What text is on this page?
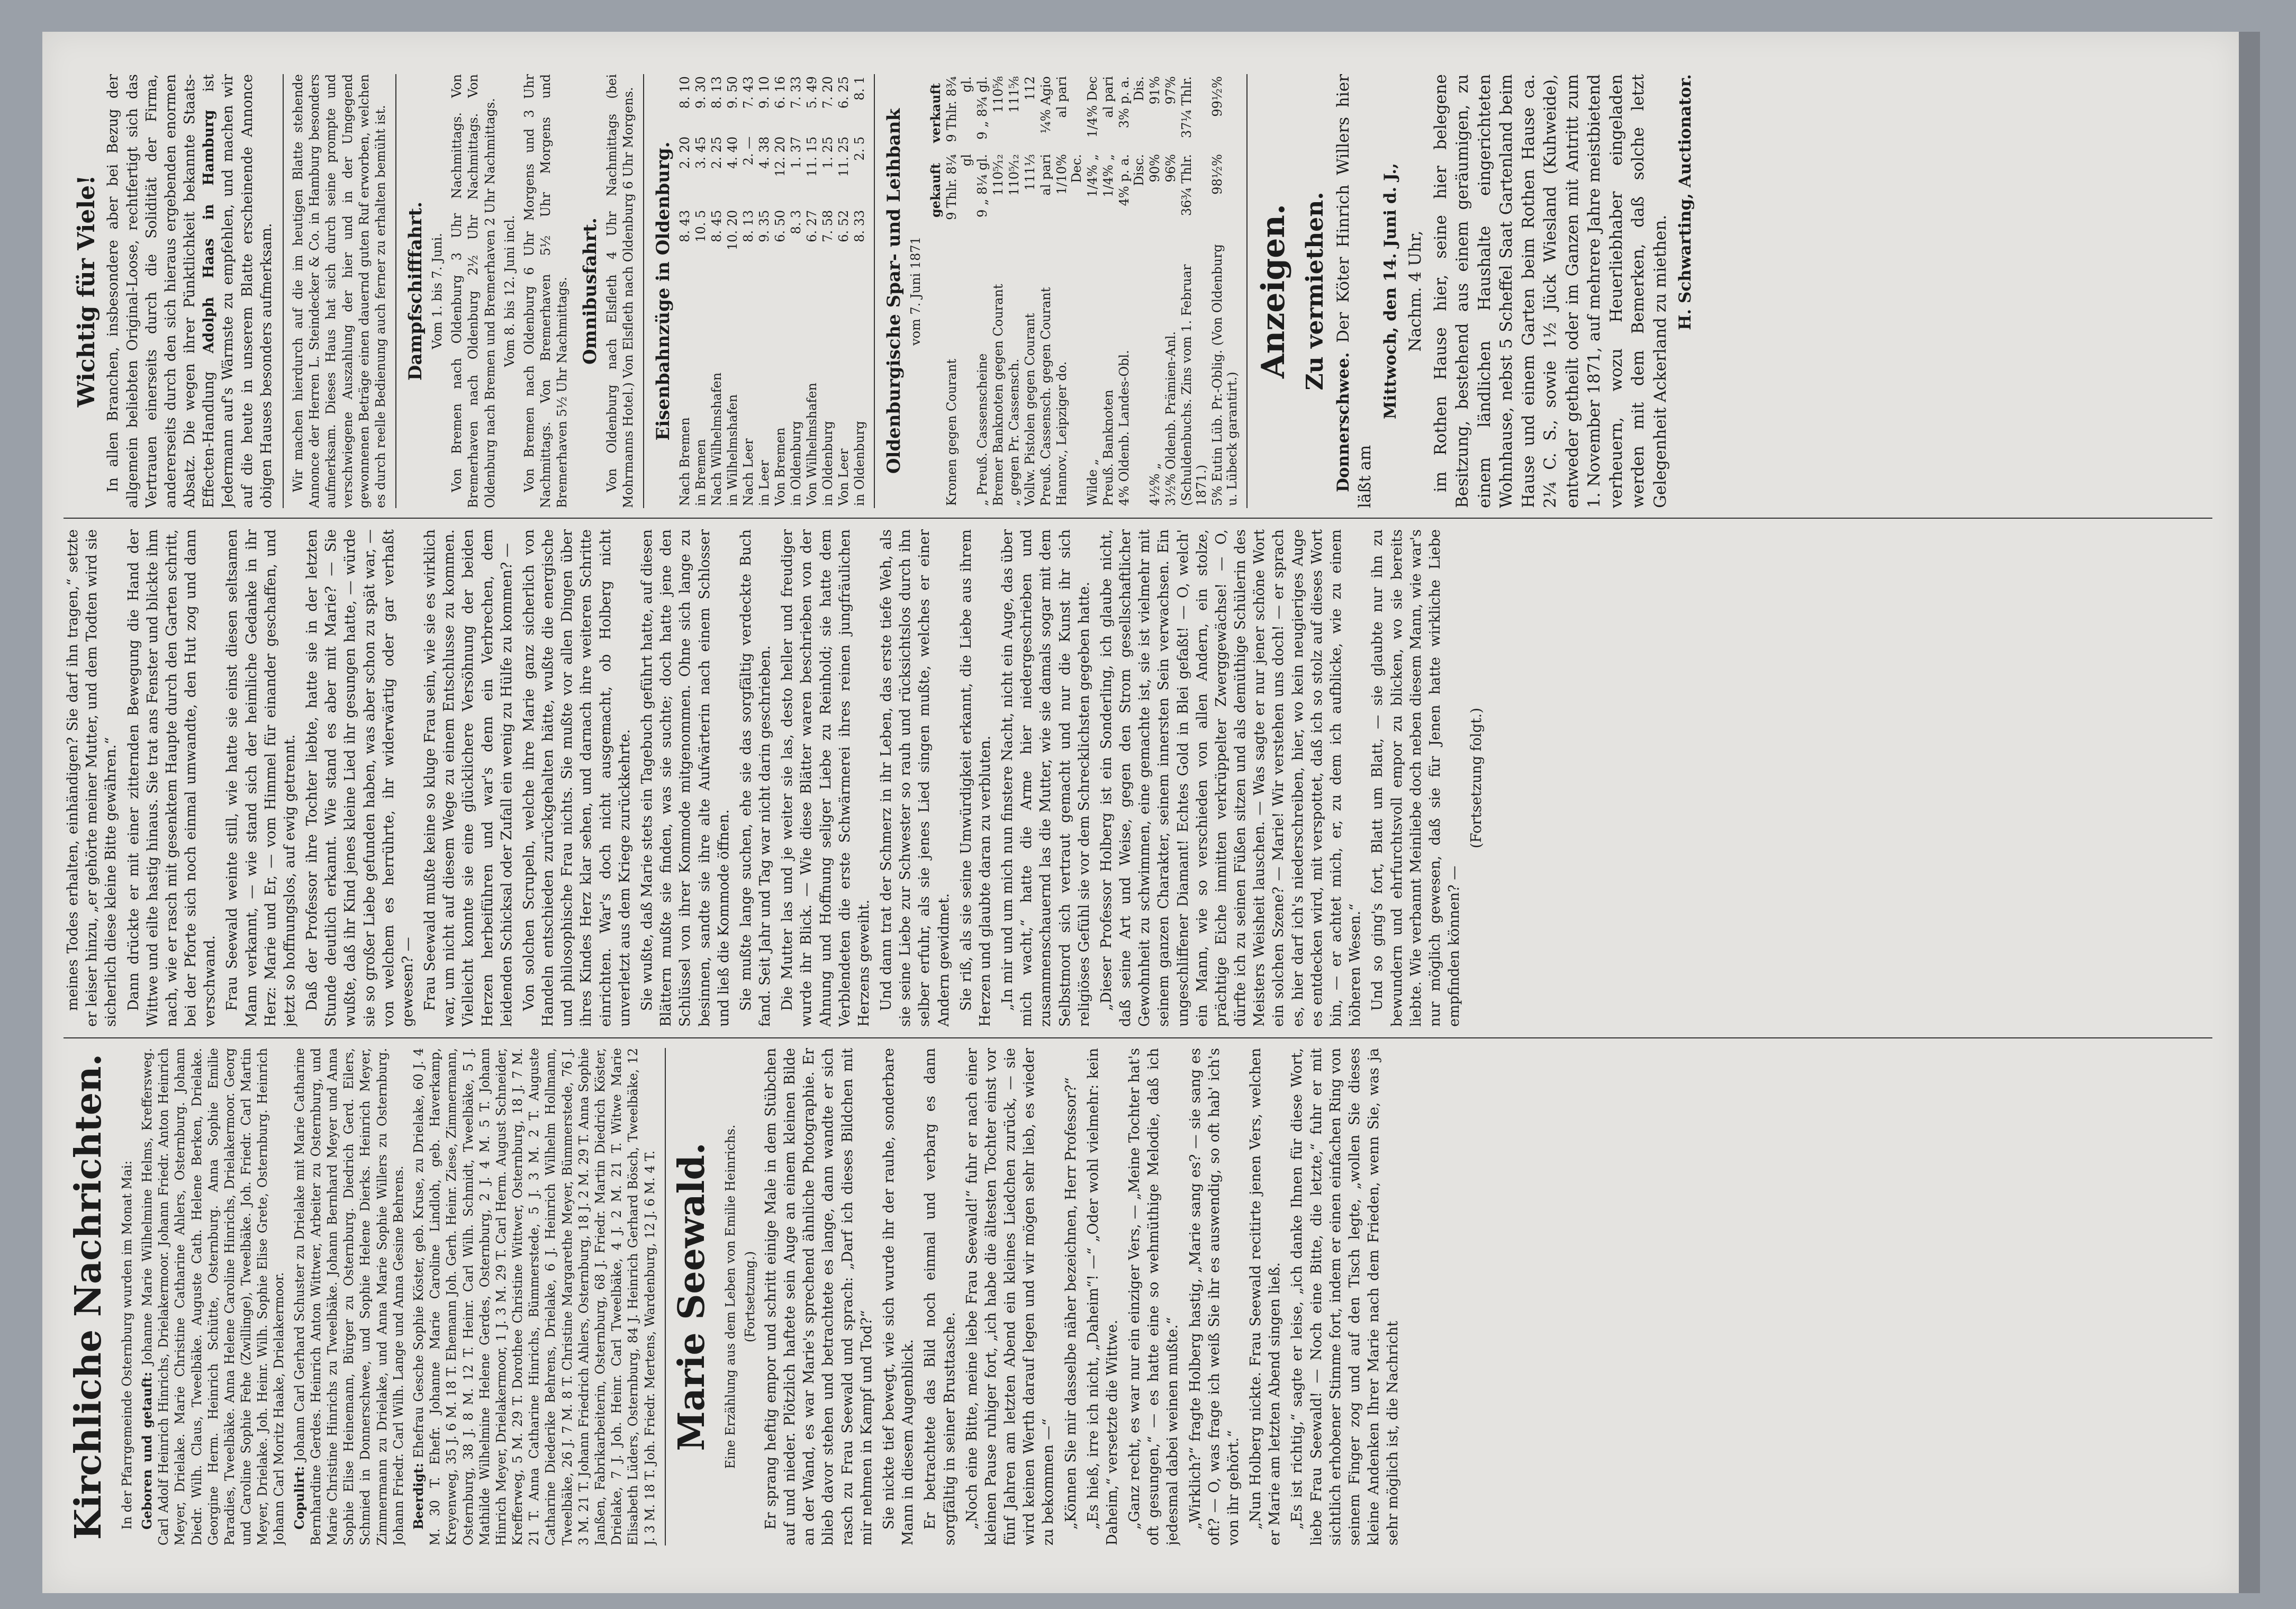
Kirchliche Nachrichten. In der Pfarrgemeinde Osternburg wurden im Monat Mai: Geboren und getauft: Johanne Marie Wilhelmine Helms, Kreffersweg. Carl Adolf Heinrich Hinrichs, Drielakermoor. Johann Friedr. Anton Heinrich Meyer, Drielake. Marie Christine Catharine Ahlers, Osternburg. Johann Diedr. Wilh. Claus, Tweelbäke. Auguste Cath. Helene Berken, Drielake. Georgine Herm. Heinrich Schütte, Osternburg. Anna Sophie Emilie Paradies, Tweelbäke. Anna Helene Caroline Hinrichs, Drielakermoor. Georg und Caroline Sophie Fehe (Zwillinge), Tweelbäke. Joh. Friedr. Carl Martin Meyer, Drielake. Joh. Heinr. Wilh. Sophie Elise Grete, Osternburg. Heinrich Johann Carl Moritz Haake, Drielakermoor. Copulirt: Johann Carl Gerhard Schuster zu Drielake mit Marie Catharine Bernhardine Gerdes. Heinrich Anton Wittwer, Arbeiter zu Osternburg, und Marie Christine Hinrichs zu Tweelbäke. Johann Bernhard Meyer und Anna Sophie Elise Heinemann, Bürger zu Osternburg. Diedrich Gerd. Eilers, Schmied in Donnerschwee, und Sophie Helene Dierks. Heinrich Meyer, Zimmermann zu Drielake, und Anna Marie Sophie Willers zu Osternburg. Johann Friedr. Carl Wilh. Lange und Anna Gesine Behrens. Beerdigt: Ehefrau Gesche Sophie Köster, geb. Kruse, zu Drielake, 60 J. 4 M. 30 T. Ehefr. Johanne Marie Caroline Lindloh, geb. Haverkamp, Kreyenweg, 35 J. 6 M. 18 T. Ehemann Joh. Gerh. Heinr. Ziese, Zimmermann, Osternburg, 38 J. 8 M. 12 T. Heinr. Carl Wilh. Schmidt, Tweelbäke, 5 J. Mathilde Wilhelmine Helene Gerdes, Osternburg, 2 J. 4 M. 5 T. Johann Hinrich Meyer, Drielakermoor, 1 J. 3 M. 29 T. Carl Herm. August Schneider, Krefferweg, 5 M. 29 T. Dorothee Christine Wittwer, Osternburg, 18 J. 7 M. 21 T. Anna Catharine Hinrichs, Bümmerstede, 5 J. 3 M. 2 T. Auguste Catharine Diederike Behrens, Drielake, 6 J. Heinrich Wilhelm Hollmann, Tweelbäke, 26 J. 7 M. 8 T. Christine Margarethe Meyer, Bümmerstede, 76 J. 3 M. 21 T. Johann Friedrich Ahlers, Osternburg, 18 J. 2 M. 29 T. Anna Sophie Janßen, Fabrikarbeiterin, Osternburg, 68 J. Friedr. Martin Diedrich Köster, Drielake, 7 J. Joh. Heinr. Carl Tweelbäke, 4 J. 2 M. 21 T. Witwe Marie Elisabeth Lüders, Osternburg, 84 J. Heinrich Gerhard Bösch, Tweelbäke, 12 J. 3 M. 18 T. Joh. Friedr. Mertens, Wardenburg, 12 J. 6 M. 4 T. Marie Seewald. Eine Erzählung aus dem Leben von Emilie Heinrichs. (Fortsetzung.) Er sprang heftig empor und schritt einige Male in dem Stübchen auf und nieder. Plötzlich haftete sein Auge an einem kleinen Bilde an der Wand, es war Marie's sprechend ähnliche Photographie. Er blieb davor stehen und betrachtete es lange, dann wandte er sich rasch zu Frau Seewald und sprach: „Darf ich dieses Bildchen mit mir nehmen in Kampf und Tod?“ Sie nickte tief bewegt, wie sich wurde ihr der rauhe, sonderbare Mann in diesem Augenblick. Er betrachtete das Bild noch einmal und verbarg es dann sorgfältig in seiner Brusttasche. „Noch eine Bitte, meine liebe Frau Seewald!“ fuhr er nach einer kleinen Pause ruhiger fort, „ich habe die ältesten Tochter einst vor fünf Jahren am letzten Abend ein kleines Liedchen zurück, — sie wird keinen Werth darauf legen und wir mögen sehr lieb, es wieder zu bekommen —“ „Können Sie mir dasselbe näher bezeichnen, Herr Professor?“ „Es hieß, irre ich nicht, „Daheim“! —“ „Oder wohl vielmehr: kein Daheim,“ versetzte die Wittwe. „Ganz recht, es war nur ein einziger Vers, — „Meine Tochter hat's oft gesungen,“ — es hatte eine so wehmüthige Melodie, daß ich jedesmal dabei weinen mußte.“ „Wirklich?“ fragte Holberg hastig, „Marie sang es? — sie sang es oft? — O, was frage ich weiß Sie ihr es auswendig, so oft hab' ich's von ihr gehört.“ „Nun Holberg nickte. Frau Seewald recitirte jenen Vers, welchen er Marie am letzten Abend singen ließ. „Es ist richtig,“ sagte er leise, „ich danke Ihnen für diese Wort, liebe Frau Seewald! — Noch eine Bitte, die letzte,“ fuhr er mit sichtlich erhobener Stimme fort, indem er einen einfachen Ring von seinem Finger zog und auf den Tisch legte, „wollen Sie dieses kleine Andenken Ihrer Marie nach dem Frieden, wenn Sie, was ja sehr möglich ist, die Nachricht

meines Todes erhalten, einhändigen? Sie darf ihn tragen,“ setzte er leiser hinzu, „er gehörte meiner Mutter, und dem Todten wird sie sicherlich diese kleine Bitte gewähren.“ Dann drückte er mit einer zitternden Bewegung die Hand der Wittwe und eilte hastig hinaus. Sie trat ans Fenster und blickte ihm nach, wie er rasch mit gesenktem Haupte durch den Garten schritt, bei der Pforte sich noch einmal umwandte, den Hut zog und dann verschwand. Frau Seewald weinte still, wie hatte sie einst diesen seltsamen Mann verkannt, — wie stand sich der heimliche Gedanke in ihr Herz: Marie und Er, — vom Himmel für einander geschaffen, und jetzt so hoffnungslos, auf ewig getrennt. Daß der Professor ihre Tochter liebte, hatte sie in der letzten Stunde deutlich erkannt. Wie stand es aber mit Marie? — Sie wußte, daß ihr Kind jenes kleine Lied ihr gesungen hatte, — würde sie so großer Liebe gefunden haben, was aber schon zu spät war, — von welchem es herrührte, ihr widerwärtig oder gar verhaßt gewesen? — Frau Seewald mußte keine so kluge Frau sein, wie sie es wirklich war, um nicht auf diesem Wege zu einem Entschlusse zu kommen. Vielleicht konnte sie eine glücklichere Versöhnung der beiden Herzen herbeiführen und war's denn ein Verbrechen, dem leidenden Schicksal oder Zufall ein wenig zu Hülfe zu kommen? — Von solchen Scrupeln, welche ihre Marie ganz sicherlich von Handeln entschieden zurückgehalten hätte, wußte die energische und philosophische Frau nichts. Sie mußte vor allen Dingen über ihres Kindes Herz klar sehen, und darnach ihre weiteren Schritte einrichten. War's doch nicht ausgemacht, ob Holberg nicht unverletzt aus dem Kriege zurückkehrte. Sie wußte, daß Marie stets ein Tagebuch geführt hatte, auf diesen Blättern mußte sie finden, was sie suchte; doch hatte jene den Schlüssel von ihrer Kommode mitgenommen. Ohne sich lange zu besinnen, sandte sie ihre alte Aufwärterin nach einem Schlosser und ließ die Kommode öffnen. Sie mußte lange suchen, ehe sie das sorgfältig verdeckte Buch fand. Seit Jahr und Tag war nicht darin geschrieben. Die Mutter las und je weiter sie las, desto heller und freudiger wurde ihr Blick. — Wie diese Blätter waren beschrieben von der Ahnung und Hoffnung seliger Liebe zu Reinhold; sie hatte dem Verblendeten die erste Schwärmerei ihres reinen jungfräulichen Herzens geweiht. Und dann trat der Schmerz in ihr Leben, das erste tiefe Weh, als sie seine Liebe zur Schwester so rauh und rücksichtslos durch ihn selber erfuhr, als sie jenes Lied singen mußte, welches er einer Andern gewidmet. Sie riß, als sie seine Umwürdigkeit erkannt, die Liebe aus ihrem Herzen und glaubte daran zu verbluten. „In mir und um mich nun finstere Nacht, nicht ein Auge, das über mich wacht,“ hatte die Arme hier niedergeschrieben und zusammenschauernd las die Mutter, wie sie damals sogar mit dem Selbstmord sich vertraut gemacht und nur die Kunst ihr sich religiöses Gefühl sie vor dem Schrecklichsten gegeben hatte. „Dieser Professor Holberg ist ein Sonderling, ich glaube nicht, daß seine Art und Weise, gegen den Strom gesellschaftlicher Gewohnheit zu schwimmen, eine gemachte ist, sie ist vielmehr mit seinem ganzen Charakter, seinem innersten Sein verwachsen. Ein ungeschliffener Diamant! Echtes Gold in Blei gefaßt! — O, welch' ein Mann, wie so verschieden von allen Andern, ein stolze, prächtige Eiche inmitten verkrüppelter Zwerggewächse! — O, dürfte ich zu seinen Füßen sitzen und als demüthige Schülerin des Meisters Weisheit lauschen. — Was sagte er nur jener schöne Wort ein solchen Szene? — Marie! Wir verstehen uns doch! — er sprach es, hier darf ich's niederschreiben, hier, wo kein neugieriges Auge es entdecken wird, mit verspottet, daß ich so stolz auf dieses Wort bin, — er achtet mich, er, zu dem ich aufblicke, wie zu einem höheren Wesen.“ Und so ging's fort, Blatt um Blatt, — sie glaubte nur ihn zu bewundern und ehrfurchtsvoll empor zu blicken, wo sie bereits liebte. Wie verbannt Meinliebe doch neben diesem Mann, wie war's nur möglich gewesen, daß sie für Jenen hatte wirkliche Liebe empfinden können? —

(Fortsetzung folgt.)

Wichtig für Viele! In allen Branchen, insbesondere aber bei Bezug der allgemein beliebten Original-Loose, rechtfertigt sich das Vertrauen einerseits durch die Solidität der Firma, andererseits durch den sich hieraus ergebenden enormen Absatz. Die wegen ihrer Pünktlichkeit bekannte Staats-Effecten-Handlung Adolph Haas in Hamburg ist Jedermann auf's Wärmste zu empfehlen, und machen wir auf die heute in unserem Blatte erscheinende Annonce obigen Hauses besonders aufmerksam. Wir machen hierdurch auf die im heutigen Blatte stehende Annonce der Herren L. Steindecker & Co. in Hamburg besonders aufmerksam. Dieses Haus hat sich durch seine prompte und verschwiegene Auszahlung der hier und in der Umgegend gewonnenen Beträge einen dauernd guten Ruf erworben, welchen es durch reelle Bedienung auch ferner zu erhalten bemüht ist. Dampfschifffahrt. Vom 1. bis 7. Juni. Von Bremen nach Oldenburg 3 Uhr Nachmittags. Von Bremerhaven nach Oldenburg 2½ Uhr Nachmittags. Von Oldenburg nach Bremen und Bremerhaven 2 Uhr Nachmittags. Vom 8. bis 12. Juni incl. Von Bremen nach Oldenburg 6 Uhr Morgens und 3 Uhr Nachmittags. Von Bremerhaven 5½ Uhr Morgens und Bremerhaven 5½ Uhr Nachmittags. Omnibusfahrt. Von Oldenburg nach Elsfleth 4 Uhr Nachmittags (bei Mohrmanns Hotel.) Von Elsfleth nach Oldenburg 6 Uhr Morgens. Eisenbahnzüge in Oldenburg.
Nach Bremen	8. 43	2. 20	8. 10
in Bremen	10. 5	3. 45	9. 30
Nach Wilhelmshafen	8. 45	2. 25	8. 13
in Wilhelmshafen	10. 20	4. 40	9. 50
Nach Leer	8. 13	2. —	7. 43
in Leer	9. 35	4. 38	9. 10
Von Bremen	6. 50	12. 20	6. 16
in Oldenburg	8. 3	1. 37	7. 33
Von Wilhelmshafen	6. 27	11. 15	5. 49
in Oldenburg	7. 58	1. 25	7. 20
Von Leer	6. 52	11. 25	6. 25
in Oldenburg	8. 33	2. 5	8. 1
Oldenburgische Spar- und Leihbank vom 7. Juni 1871

	gekauft	verkauft
Kronen gegen Courant	9 Thlr. 8¼ gl	9 Thlr. 8¾ gl.
„ Preuß. Cassenscheine	9 „ 8¼ gl.	9 „ 8¾ gl.
Bremer Banknoten gegen Courant	110⁵⁄₁₂	110⅝
„ gegen Pr. Cassensch.	110⁵⁄₁₂	111⅝
Vollw. Pistolen gegen Courant	111⅓	112
Preuß. Cassensch. gegen Courant	al pari	¼% Agio
Hannov., Leipziger do.	1/10% Dec.	al pari
Wilde „	1/4% „	1/4% Dec
Preuß. Banknoten	1/4% „	al pari
4% Oldenb. Landes-Obl.	4% p. a. Disc.	3% p. a. Dis.
4½% „	90%	91%
3½% Oldenb. Prämien-Anl.	96%	97%
(Schuldenbuchs. Zins vom 1. Februar 1871.)	36¾ Thlr.	37¼ Thlr.
5% Eutin Lüb. Pr.-Oblig. (Von Oldenburg u. Lübeck garantirt.)	98½%	99½%
Anzeigen. Zu vermiethen.

Donnerschwee. Der Köter Hinrich Willers hier läßt am

Mittwoch, den 14. Juni d. J., Nachm. 4 Uhr, im Rothen Hause hier, seine hier belegene Besitzung, bestehend aus einem geräumigen, zu einem ländlichen Haushalte eingerichteten Wohnhause, nebst 5 Scheffel Saat Gartenland beim Hause und einem Garten beim Rothen Hause ca. 2¼ C. S., sowie 1½ Jück Wiesland (Kuhweide), entweder getheilt oder im Ganzen mit Antritt zum 1. November 1871, auf mehrere Jahre meistbietend verheuern, wozu Heuerliebhaber eingeladen werden mit dem Bemerken, daß solche letzt Gelegenheit Ackerland zu miethen.

H. Schwarting, Auctionator.
